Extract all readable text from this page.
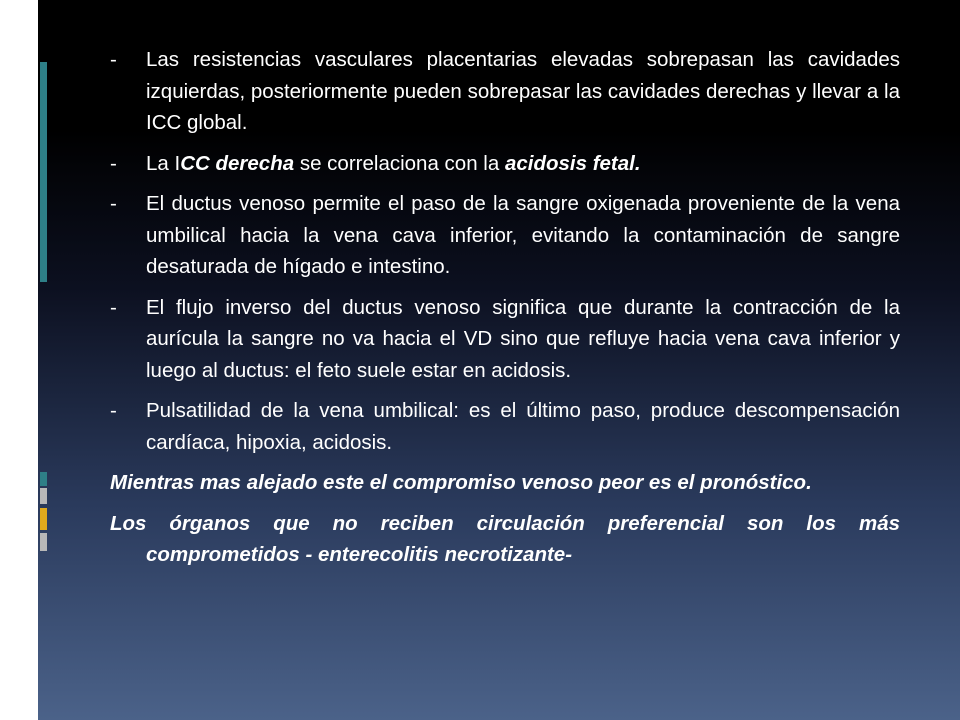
- Las resistencias vasculares placentarias elevadas sobrepasan las cavidades izquierdas, posteriormente pueden sobrepasar las cavidades derechas y llevar a la ICC global.
- La ICC derecha se correlaciona con la acidosis fetal.
- El ductus venoso permite el paso de la sangre oxigenada proveniente de la vena umbilical hacia la vena cava inferior, evitando la contaminación de sangre desaturada de hígado e intestino.
- El flujo inverso del ductus venoso significa que durante la contracción de la aurícula la sangre no va hacia el VD sino que refluye hacia vena cava inferior y luego al ductus: el feto suele estar en acidosis.
- Pulsatilidad de la vena umbilical: es el último paso, produce descompensación cardíaca, hipoxia, acidosis.
Mientras mas alejado este el compromiso venoso peor es el pronóstico.
Los órganos que no reciben circulación preferencial son los más comprometidos - enterecolitis necrotizante-
